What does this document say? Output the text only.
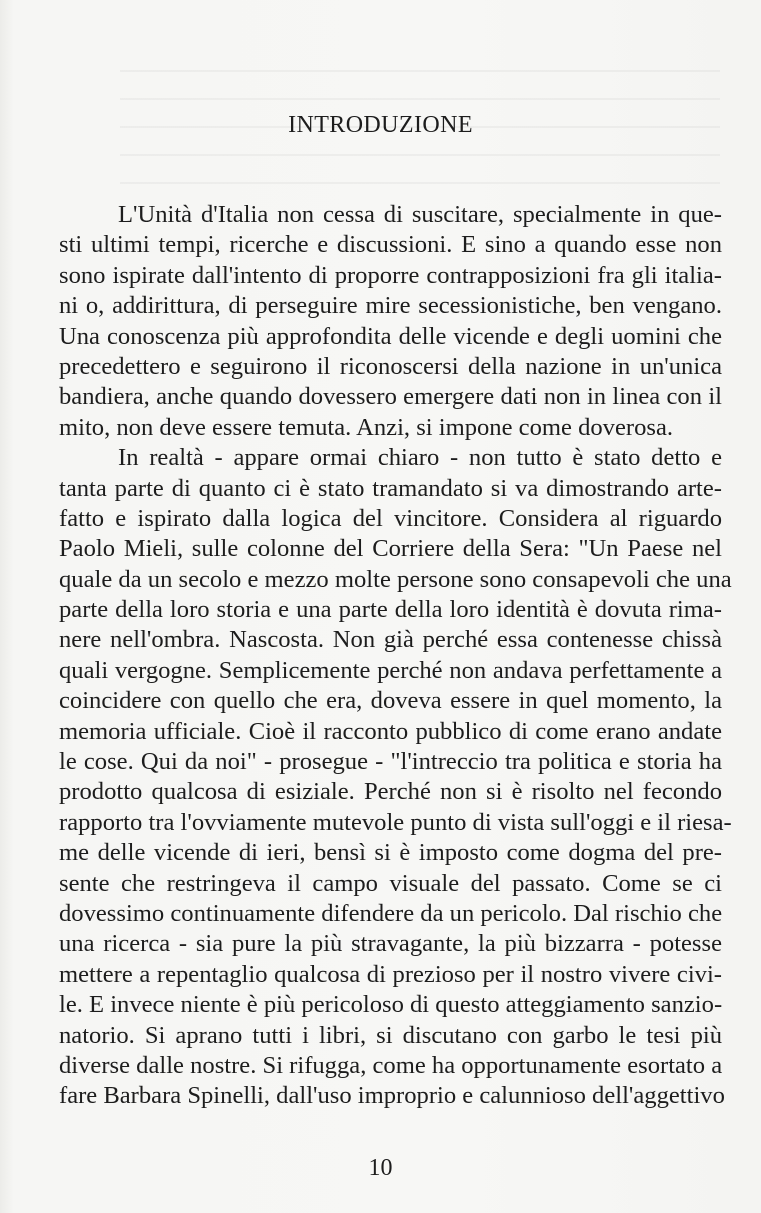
INTRODUZIONE
L'Unità d'Italia non cessa di suscitare, specialmente in que-
sti ultimi tempi, ricerche e discussioni. E sino a quando esse non
sono ispirate dall'intento di proporre contrapposizioni fra gli italia-
ni o, addirittura, di perseguire mire secessionistiche, ben vengano.
Una conoscenza più approfondita delle vicende e degli uomini che
precedettero e seguirono il riconoscersi della nazione in un'unica
bandiera, anche quando dovessero emergere dati non in linea con il
mito, non deve essere temuta. Anzi, si impone come doverosa.
In realtà - appare ormai chiaro - non tutto è stato detto e
tanta parte di quanto ci è stato tramandato si va dimostrando arte-
fatto e ispirato dalla logica del vincitore. Considera al riguardo
Paolo Mieli, sulle colonne del Corriere della Sera: "Un Paese nel
quale da un secolo e mezzo molte persone sono consapevoli che una
parte della loro storia e una parte della loro identità è dovuta rima-
nere nell'ombra. Nascosta. Non già perché essa contenesse chissà
quali vergogne. Semplicemente perché non andava perfettamente a
coincidere con quello che era, doveva essere in quel momento, la
memoria ufficiale. Cioè il racconto pubblico di come erano andate
le cose. Qui da noi" - prosegue - "l'intreccio tra politica e storia ha
prodotto qualcosa di esiziale. Perché non si è risolto nel fecondo
rapporto tra l'ovviamente mutevole punto di vista sull'oggi e il riesa-
me delle vicende di ieri, bensì si è imposto come dogma del pre-
sente che restringeva il campo visuale del passato. Come se ci
dovessimo continuamente difendere da un pericolo. Dal rischio che
una ricerca - sia pure la più stravagante, la più bizzarra - potesse
mettere a repentaglio qualcosa di prezioso per il nostro vivere civi-
le. E invece niente è più pericoloso di questo atteggiamento sanzio-
natorio. Si aprano tutti i libri, si discutano con garbo le tesi più
diverse dalle nostre. Si rifugga, come ha opportunamente esortato a
fare Barbara Spinelli, dall'uso improprio e calunnioso dell'aggettivo
10
